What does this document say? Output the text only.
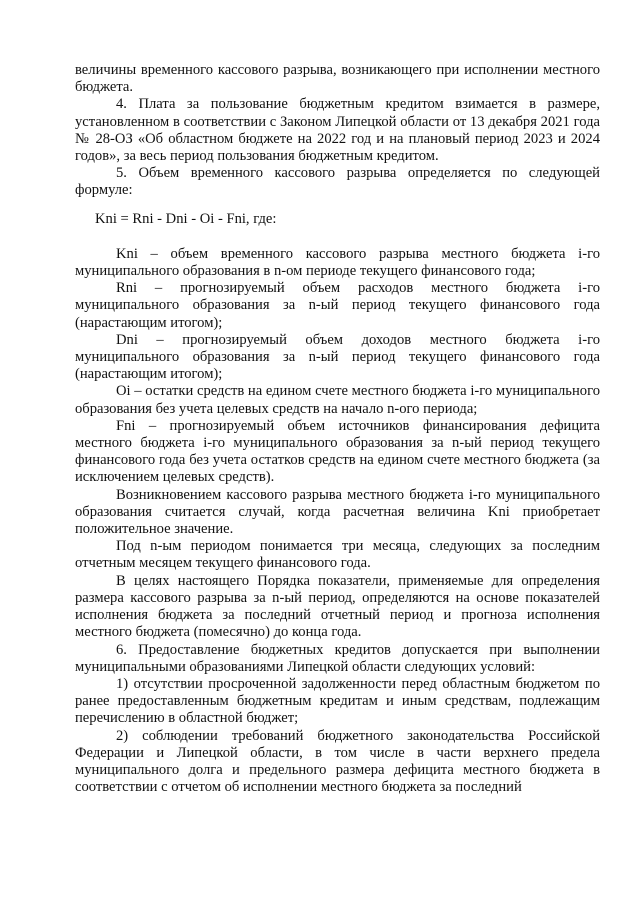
величины временного кассового разрыва, возникающего при исполнении местного бюджета.

4. Плата за пользование бюджетным кредитом взимается в размере, установленном в соответствии с Законом Липецкой области от 13 декабря 2021 года № 28-ОЗ «Об областном бюджете на 2022 год и на плановый период 2023 и 2024 годов», за весь период пользования бюджетным кредитом.

5. Объем временного кассового разрыва определяется по следующей формуле:

Kni = Rni - Dni - Oi - Fni, где:

Kni – объем временного кассового разрыва местного бюджета i-го муниципального образования в n-ом периоде текущего финансового года;

Rni – прогнозируемый объем расходов местного бюджета i-го муниципального образования за n-ый период текущего финансового года (нарастающим итогом);

Dni – прогнозируемый объем доходов местного бюджета i-го муниципального образования за n-ый период текущего финансового года (нарастающим итогом);

Oi – остатки средств на едином счете местного бюджета i-го муниципального образования без учета целевых средств на начало n-ого периода;

Fni – прогнозируемый объем источников финансирования дефицита местного бюджета i-го муниципального образования за n-ый период текущего финансового года без учета остатков средств на едином счете местного бюджета (за исключением целевых средств).

Возникновением кассового разрыва местного бюджета i-го муниципального образования считается случай, когда расчетная величина Kni приобретает положительное значение.

Под n-ым периодом понимается три месяца, следующих за последним отчетным месяцем текущего финансового года.

В целях настоящего Порядка показатели, применяемые для определения размера кассового разрыва за n-ый период, определяются на основе показателей исполнения бюджета за последний отчетный период и прогноза исполнения местного бюджета (помесячно) до конца года.

6. Предоставление бюджетных кредитов допускается при выполнении муниципальными образованиями Липецкой области следующих условий:

1) отсутствии просроченной задолженности перед областным бюджетом по ранее предоставленным бюджетным кредитам и иным средствам, подлежащим перечислению в областной бюджет;

2) соблюдении требований бюджетного законодательства Российской Федерации и Липецкой области, в том числе в части верхнего предела муниципального долга и предельного размера дефицита местного бюджета в соответствии с отчетом об исполнении местного бюджета за последний
